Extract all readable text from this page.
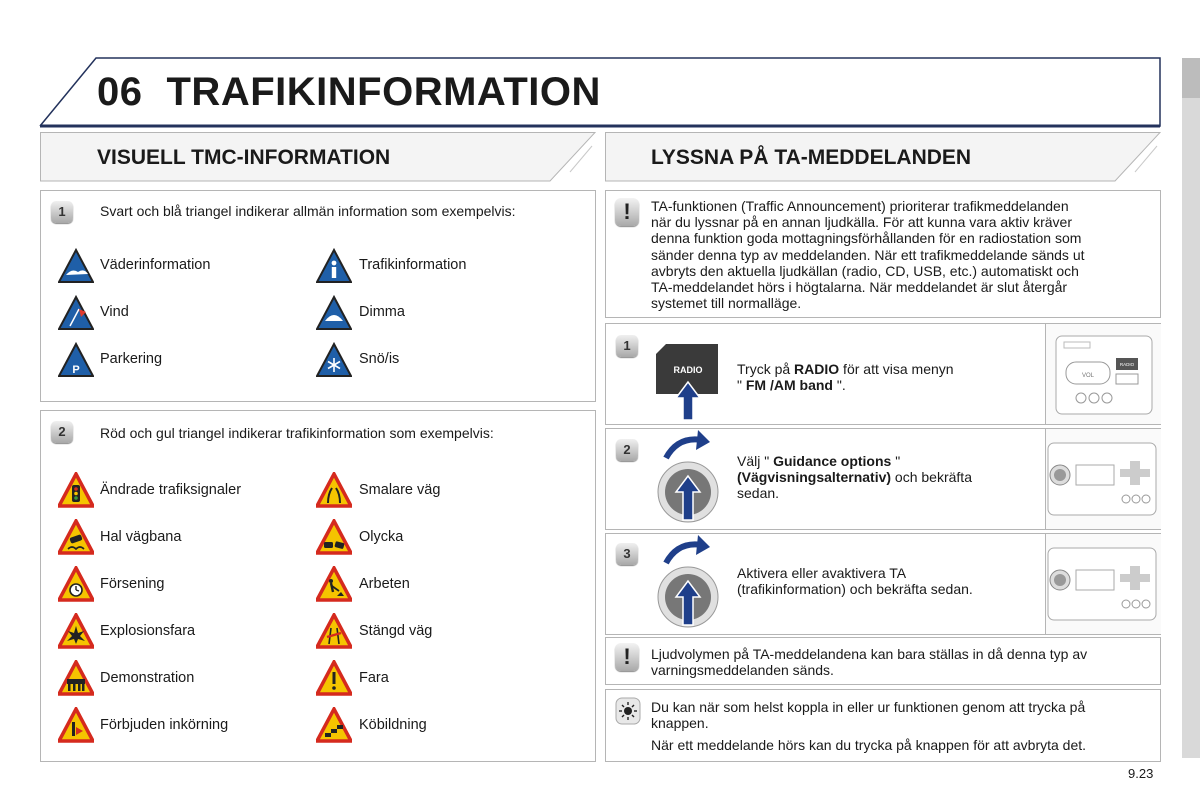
06 TRAFIKINFORMATION
VISUELL TMC-INFORMATION
1	Svart och blå triangel indikerar allmän information som exempelvis:
Väderinformation	Trafikinformation
Vind	Dimma
P
Parkering	Snö/is
2	Röd och gul triangel indikerar trafikinformation som exempelvis:
Ändrade trafiksignaler	Smalare väg
Hal vägbana	Olycka
Försening	Arbeten
Explosionsfara	Stängd väg
Demonstration	Fara
Förbjuden inkörning	Köbildning
LYSSNA PÅ TA-MEDDELANDEN
!	TA-funktionen (Traffic Announcement) prioriterar trafikmeddelanden
när du lyssnar på en annan ljudkälla. För att kunna vara aktiv kräver
denna funktion goda mottagningsförhållanden för en radiostation som
sänder denna typ av meddelanden. När ett trafikmeddelande sänds ut
avbryts den aktuella ljudkällan (radio, CD, USB, etc.) automatiskt och
TA-meddelandet hörs i högtalarna. När meddelandet är slut återgår
systemet till normalläge.
1
RADIO Tryck på RADIO för att visa menyn
" FM /AM band ".
VOL
RADIO
2
Välj " Guidance options "
(Vägvisningsalternativ) och bekräfta
sedan.
3
Aktivera eller avaktivera TA
(trafikinformation) och bekräfta sedan.
!	Ljudvolymen på TA-meddelandena kan bara ställas in då denna typ av
varningsmeddelanden sänds.
Du kan när som helst koppla in eller ur funktionen genom att trycka på
knappen.
När ett meddelande hörs kan du trycka på knappen för att avbryta det.
9.23
